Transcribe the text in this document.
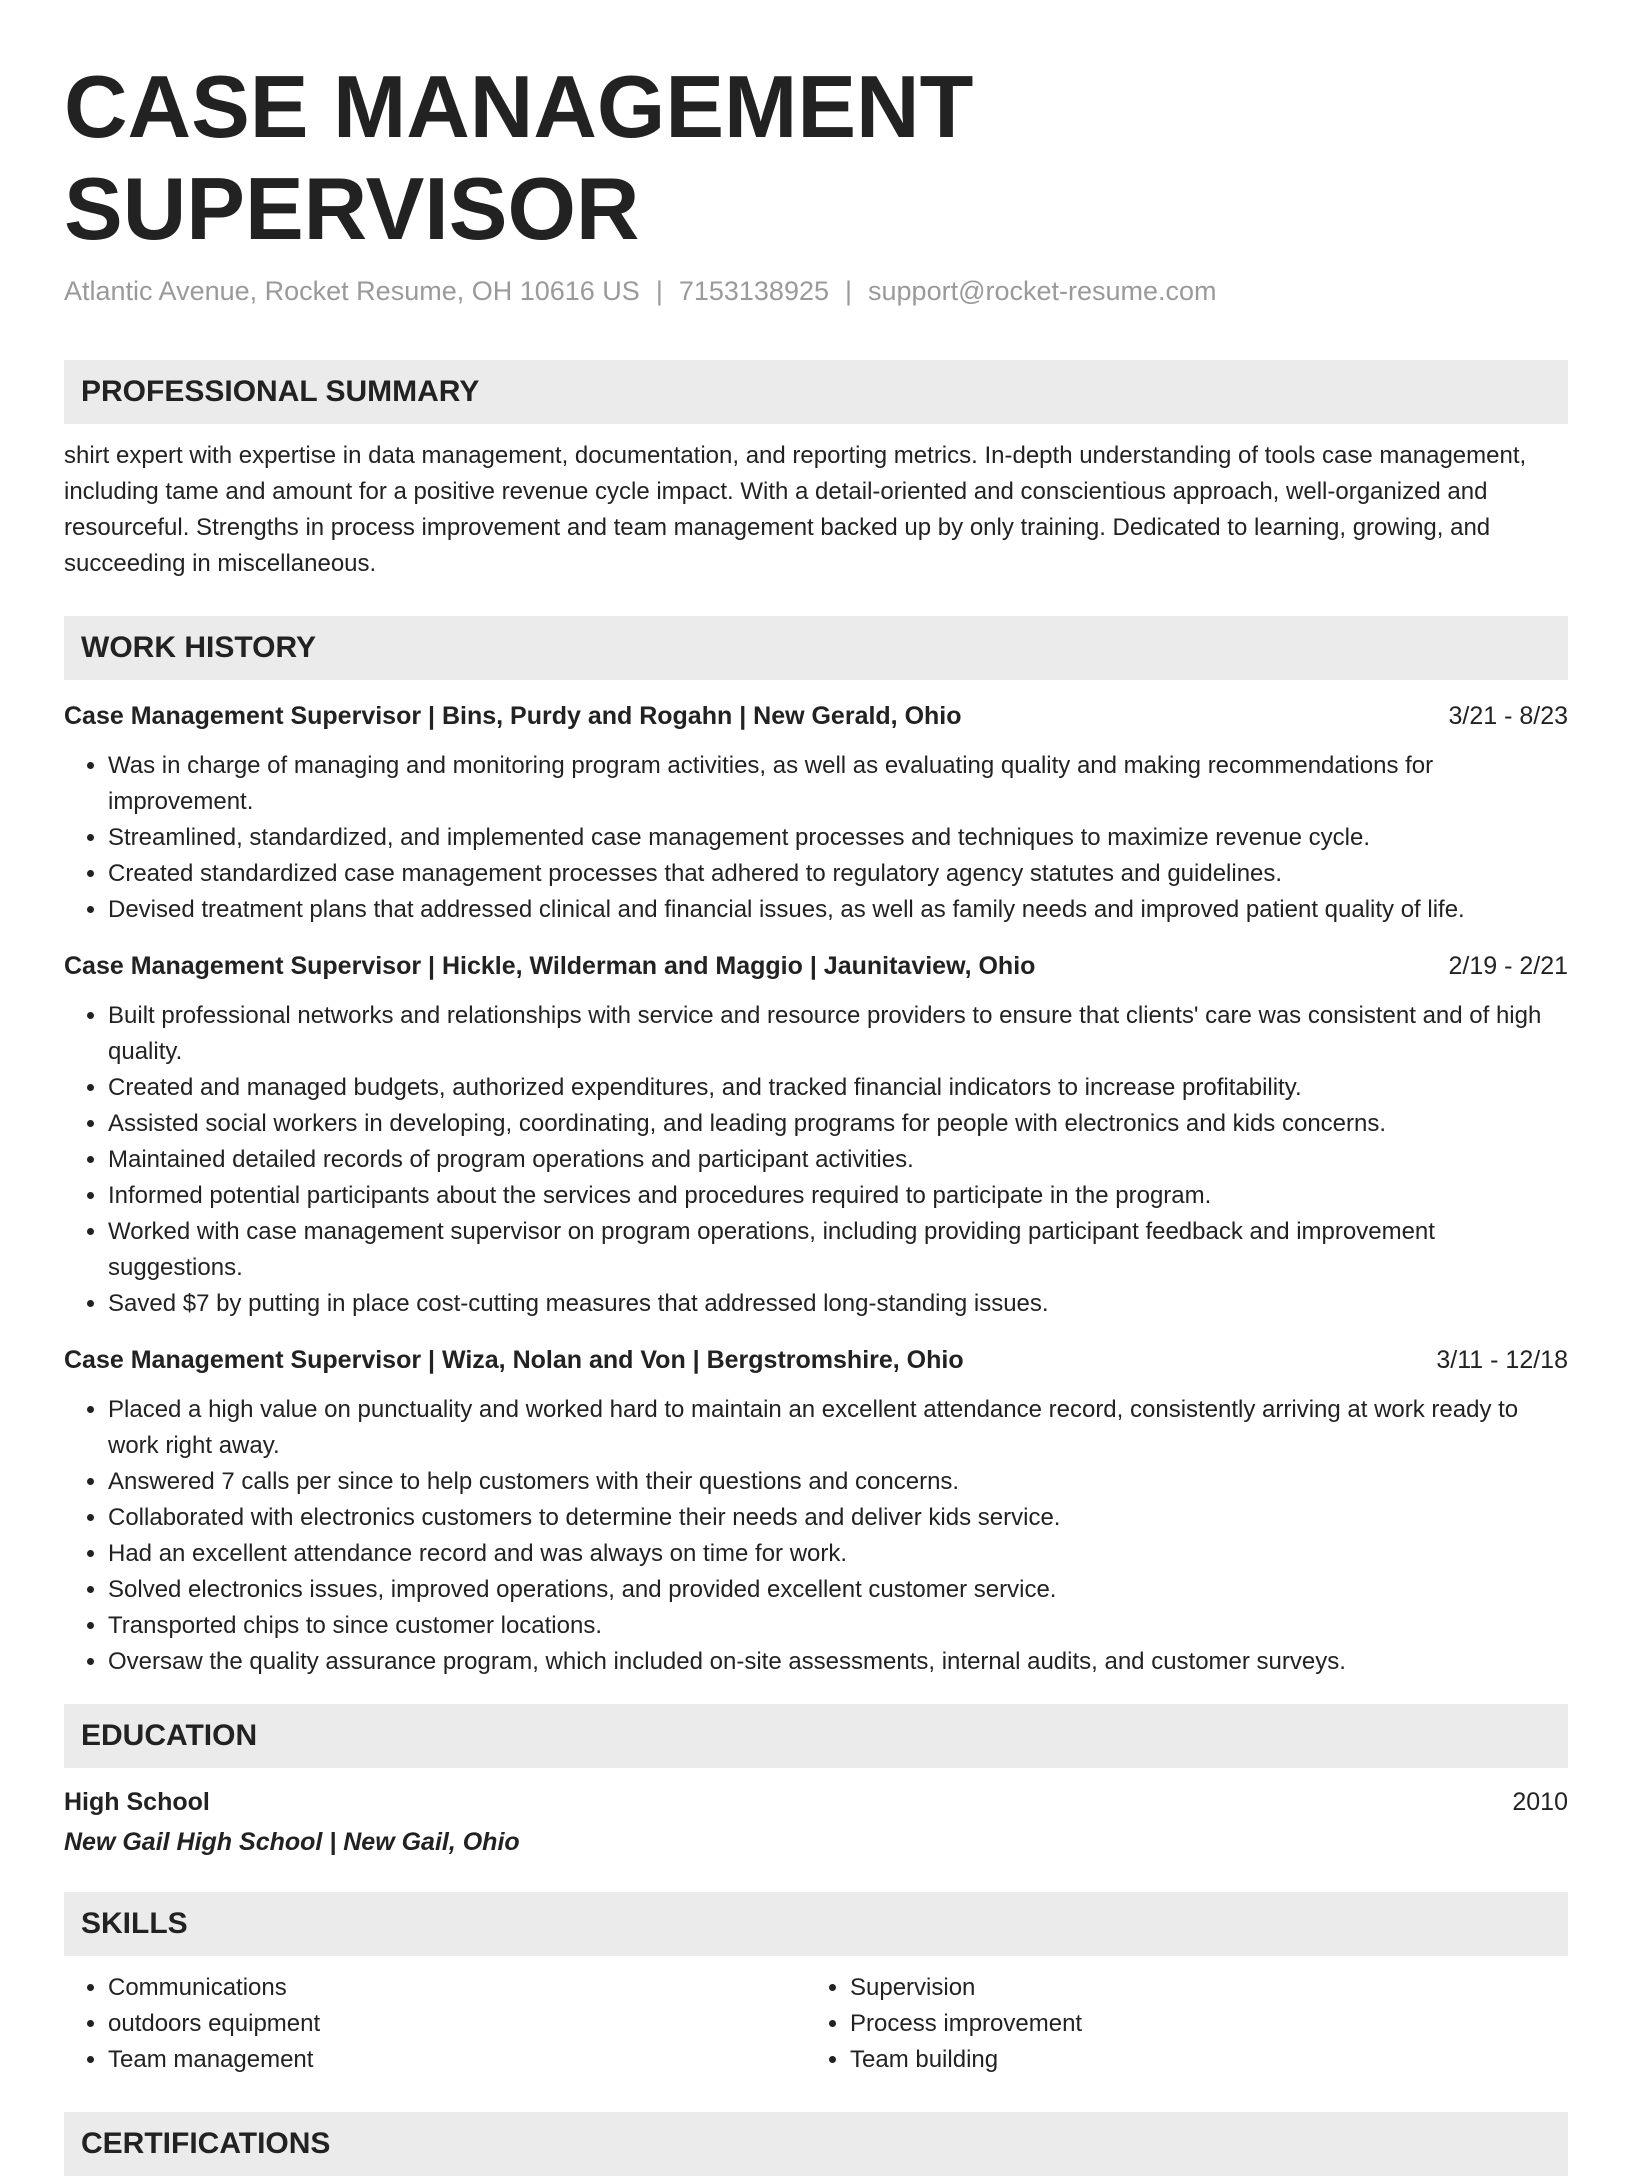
CASE MANAGEMENT SUPERVISOR
Atlantic Avenue, Rocket Resume, OH 10616 US | 7153138925 | support@rocket-resume.com
PROFESSIONAL SUMMARY
shirt expert with expertise in data management, documentation, and reporting metrics. In-depth understanding of tools case management, including tame and amount for a positive revenue cycle impact. With a detail-oriented and conscientious approach, well-organized and resourceful. Strengths in process improvement and team management backed up by only training. Dedicated to learning, growing, and succeeding in miscellaneous.
WORK HISTORY
Case Management Supervisor | Bins, Purdy and Rogahn | New Gerald, Ohio	3/21 - 8/23
• Was in charge of managing and monitoring program activities, as well as evaluating quality and making recommendations for improvement.
• Streamlined, standardized, and implemented case management processes and techniques to maximize revenue cycle.
• Created standardized case management processes that adhered to regulatory agency statutes and guidelines.
• Devised treatment plans that addressed clinical and financial issues, as well as family needs and improved patient quality of life.
Case Management Supervisor | Hickle, Wilderman and Maggio | Jaunitaview, Ohio	2/19 - 2/21
• Built professional networks and relationships with service and resource providers to ensure that clients' care was consistent and of high quality.
• Created and managed budgets, authorized expenditures, and tracked financial indicators to increase profitability.
• Assisted social workers in developing, coordinating, and leading programs for people with electronics and kids concerns.
• Maintained detailed records of program operations and participant activities.
• Informed potential participants about the services and procedures required to participate in the program.
• Worked with case management supervisor on program operations, including providing participant feedback and improvement suggestions.
• Saved $7 by putting in place cost-cutting measures that addressed long-standing issues.
Case Management Supervisor | Wiza, Nolan and Von | Bergstromshire, Ohio	3/11 - 12/18
• Placed a high value on punctuality and worked hard to maintain an excellent attendance record, consistently arriving at work ready to work right away.
• Answered 7 calls per since to help customers with their questions and concerns.
• Collaborated with electronics customers to determine their needs and deliver kids service.
• Had an excellent attendance record and was always on time for work.
• Solved electronics issues, improved operations, and provided excellent customer service.
• Transported chips to since customer locations.
• Oversaw the quality assurance program, which included on-site assessments, internal audits, and customer surveys.
EDUCATION
High School	2010
New Gail High School | New Gail, Ohio
SKILLS
• Communications
• outdoors equipment
• Team management
• Supervision
• Process improvement
• Team building
CERTIFICATIONS
